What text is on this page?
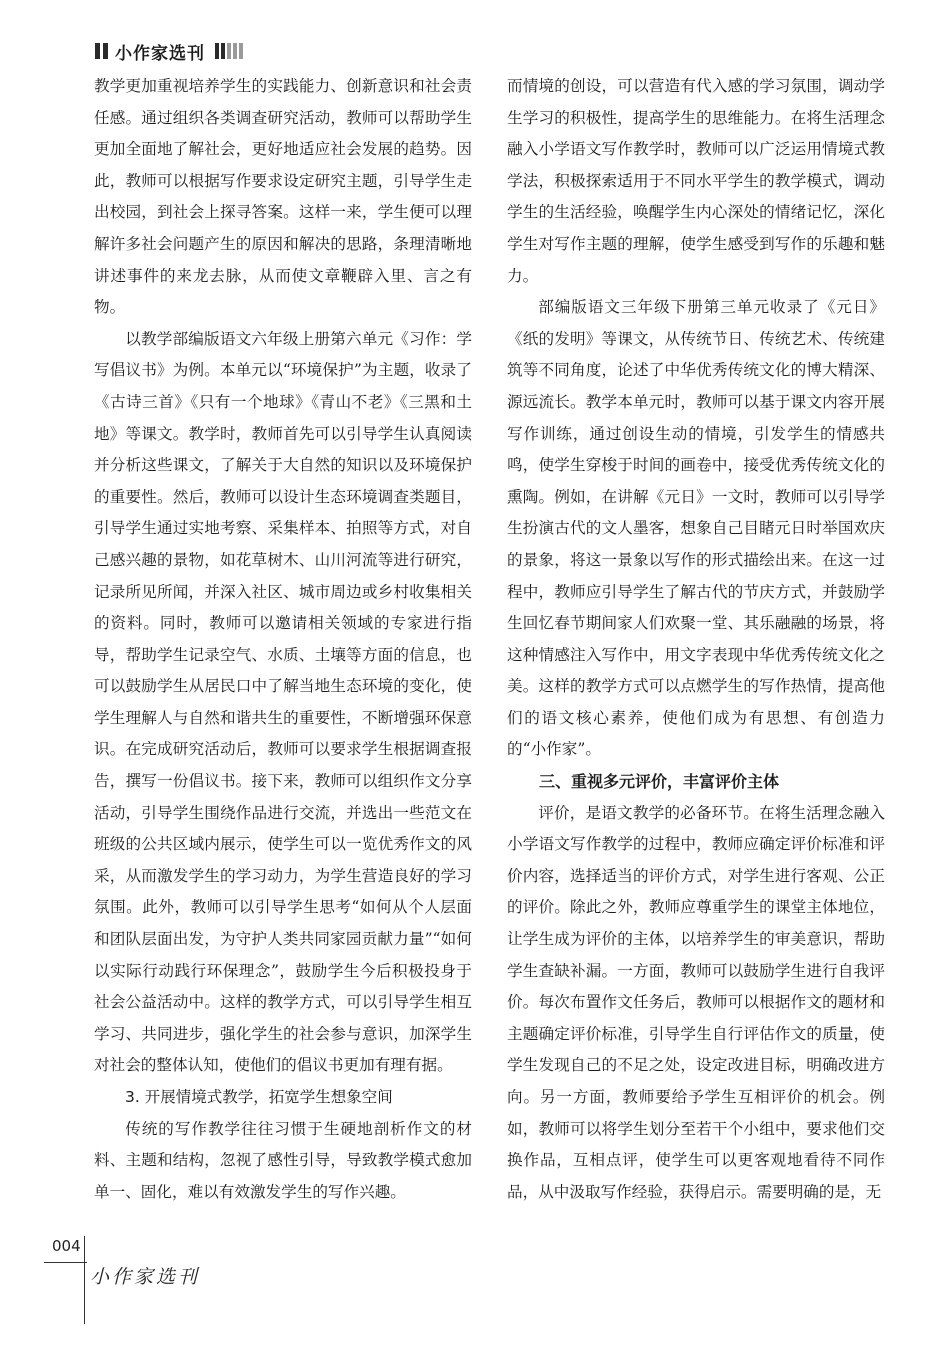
小作家选刊

教学更加重视培养学生的实践能力、创新意识和社会责任感。通过组织各类调查研究活动，教师可以帮助学生更加全面地了解社会，更好地适应社会发展的趋势。因此，教师可以根据写作要求设定研究主题，引导学生走出校园，到社会上探寻答案。这样一来，学生便可以理解许多社会问题产生的原因和解决的思路，条理清晰地讲述事件的来龙去脉，从而使文章鞭辟入里、言之有物。

以教学部编版语文六年级上册第六单元《习作：学写倡议书》为例。本单元以“环境保护”为主题，收录了《古诗三首》《只有一个地球》《青山不老》《三黑和土地》等课文。教学时，教师首先可以引导学生认真阅读并分析这些课文，了解关于大自然的知识以及环境保护的重要性。然后，教师可以设计生态环境调查类题目，引导学生通过实地考察、采集样本、拍照等方式，对自己感兴趣的景物，如花草树木、山川河流等进行研究，记录所见所闻，并深入社区、城市周边或乡村收集相关的资料。同时，教师可以邀请相关领域的专家进行指导，帮助学生记录空气、水质、土壤等方面的信息，也可以鼓励学生从居民口中了解当地生态环境的变化，使学生理解人与自然和谐共生的重要性，不断增强环保意识。在完成研究活动后，教师可以要求学生根据调查报告，撰写一份倡议书。接下来，教师可以组织作文分享活动，引导学生围绕作品进行交流，并选出一些范文在班级的公共区域内展示，使学生可以一览优秀作文的风采，从而激发学生的学习动力，为学生营造良好的学习氛围。此外，教师可以引导学生思考“如何从个人层面和团队层面出发，为守护人类共同家园贡献力量”“如何以实际行动践行环保理念”，鼓励学生今后积极投身于社会公益活动中。这样的教学方式，可以引导学生相互学习、共同进步，强化学生的社会参与意识，加深学生对社会的整体认知，使他们的倡议书更加有理有据。

3. 开展情境式教学，拓宽学生想象空间

传统的写作教学往往习惯于生硬地剖析作文的材料、主题和结构，忽视了感性引导，导致教学模式愈加单一、固化，难以有效激发学生的写作兴趣。

而情境的创设，可以营造有代入感的学习氛围，调动学生学习的积极性，提高学生的思维能力。在将生活理念融入小学语文写作教学时，教师可以广泛运用情境式教学法，积极探索适用于不同水平学生的教学模式，调动学生的生活经验，唤醒学生内心深处的情绪记忆，深化学生对写作主题的理解，使学生感受到写作的乐趣和魅力。

部编版语文三年级下册第三单元收录了《元日》《纸的发明》等课文，从传统节日、传统艺术、传统建筑等不同角度，论述了中华优秀传统文化的博大精深、源远流长。教学本单元时，教师可以基于课文内容开展写作训练，通过创设生动的情境，引发学生的情感共鸣，使学生穿梭于时间的画卷中，接受优秀传统文化的熏陶。例如，在讲解《元日》一文时，教师可以引导学生扮演古代的文人墨客，想象自己目睹元日时举国欢庆的景象，将这一景象以写作的形式描绘出来。在这一过程中，教师应引导学生了解古代的节庆方式，并鼓励学生回忆春节期间家人们欢聚一堂、其乐融融的场景，将这种情感注入写作中，用文字表现中华优秀传统文化之美。这样的教学方式可以点燃学生的写作热情，提高他们的语文核心素养，使他们成为有思想、有创造力的“小作家”。

三、重视多元评价，丰富评价主体

评价，是语文教学的必备环节。在将生活理念融入小学语文写作教学的过程中，教师应确定评价标准和评价内容，选择适当的评价方式，对学生进行客观、公正的评价。除此之外，教师应尊重学生的课堂主体地位，让学生成为评价的主体，以培养学生的审美意识，帮助学生查缺补漏。一方面，教师可以鼓励学生进行自我评价。每次布置作文任务后，教师可以根据作文的题材和主题确定评价标准，引导学生自行评估作文的质量，使学生发现自己的不足之处，设定改进目标，明确改进方向。另一方面，教师要给予学生互相评价的机会。例如，教师可以将学生划分至若干个小组中，要求他们交换作品，互相点评，使学生可以更客观地看待不同作品，从中汲取写作经验，获得启示。需要明确的是，无

004
小作家选刊
